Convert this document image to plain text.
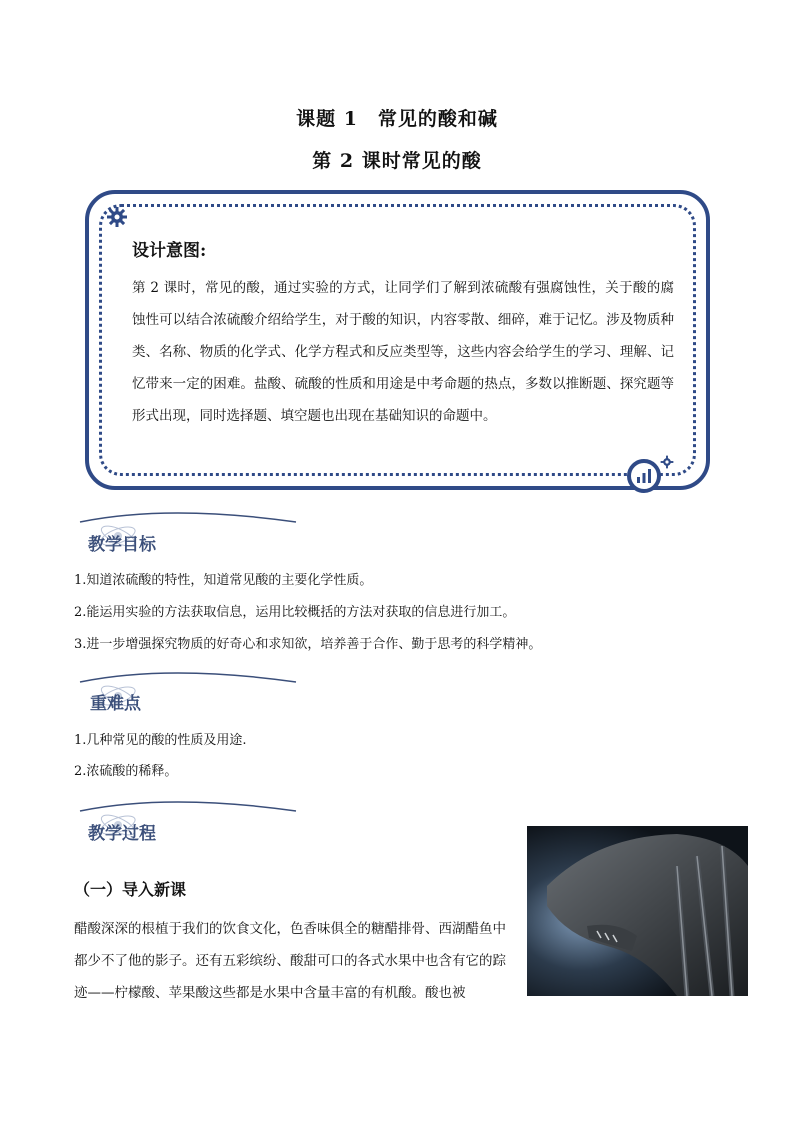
课题 1　常见的酸和碱
第 2 课时常见的酸
设计意图:
第 2 课时，常见的酸，通过实验的方式，让同学们了解到浓硫酸有强腐蚀性，关于酸的腐蚀性可以结合浓硫酸介绍给学生，对于酸的知识，内容零散、细碎，难于记忆。涉及物质种类、名称、物质的化学式、化学方程式和反应类型等，这些内容会给学生的学习、理解、记忆带来一定的困难。盐酸、硫酸的性质和用途是中考命题的热点，多数以推断题、探究题等形式出现，同时选择题、填空题也出现在基础知识的命题中。
教学目标
1.知道浓硫酸的特性，知道常见酸的主要化学性质。
2.能运用实验的方法获取信息，运用比较概括的方法对获取的信息进行加工。
3.进一步增强探究物质的好奇心和求知欲，培养善于合作、勤于思考的科学精神。
重难点
1.几种常见的酸的性质及用途.
2.浓硫酸的稀释。
教学过程
（一）导入新课
醋酸深深的根植于我们的饮食文化，色香味俱全的糖醋排骨、西湖醋鱼中都少不了他的影子。还有五彩缤纷、酸甜可口的各式水果中也含有它的踪迹——柠檬酸、苹果酸这些都是水果中含量丰富的有机酸。酸也被
